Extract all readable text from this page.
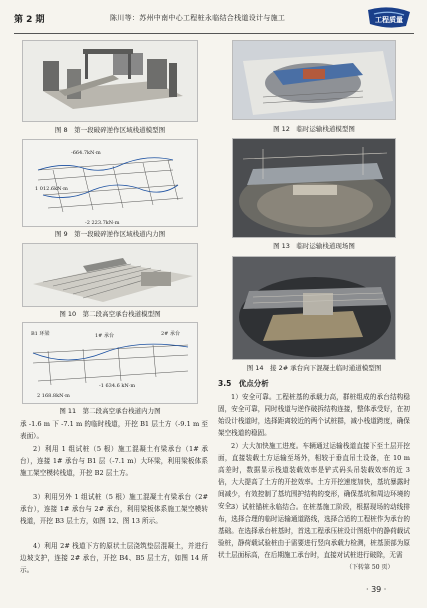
第 2 期	陈川等：苏州中南中心工程桩永临结合栈道设计与施工	工程质量
图 8　第一段破碎逆作区域栈道模型图
-664.7kN·m
1 012.6kN·m
-2 223.7kN·m
图 9　第一段破碎逆作区域栈道内力图
图 10　第二段高空承台栈道模型图
B1 环梁	1# 承台	2# 承台
2 168.8kN·m
-1 634.6 kN·m
图 11　第二段高空承台栈道内力图
承 -1.6 m 下 -7.1 m 的临时栈道，开挖 B1 层土方（-9.1 m 至表面）。
2）利用 1 组试桩（5 根）施工混凝土有梁承台（1# 承台），连接 1# 承台与 B1 层（-7.1 m）大环梁，利用梁板体系施工架空模转栈道，开挖 B2 层土方。
3）利用另外 1 组试桩（5 根）施工混凝土有梁承台（2# 承台），连接 1# 承台与 2# 承台，利用梁板体系施工架空模转栈道，开挖 B3 层土方，如图 12、图 13 所示。
4）利用 2# 栈道下方的原状土层浇筑垫层混凝土，并进行边坡支护，连接 2# 承台，开挖 B4、B5 层土方，如图 14 所示。
图 12　临时运输栈道模型图
图 13　临时运输栈道现场图
图 14　接 2# 承台向下混凝土临时通道模型图
3.5　优点分析
1）安全可靠。工程桩基的承载力高，群桩组成的承台结构稳固，安全可靠，同时栈道与逆作破拆结构连接，整体承受好，在初始设计栈道时，选择距离较近的两个试桩群，减小栈道跨度，确保架空栈道的稳固。
2）大大加快施工进度。车辆通过运输栈道直接下至土层开挖面，直接装载土方运输至场外，相较于垂直吊土设备，在 10 m 高差时，数据显示栈道装载效率是铲式码头吊装载效率的近 3 倍，大大提高了土方的开挖效率。土方开挖速度加快，基坑暴露时间减少，有效控制了基坑围护结构的变形，确保基坑和周边环境的安全。
3）试桩锚桩永临结合。在桩基施工阶段，根据现场的动线排布，选择合理的临时运输通道路线，选择合适的工程桩作为承台的基础。在选择承台桩基时，首选工程承压桩设计图纸中的静荷载试验桩，静荷载试验桩由于需要进行竖向承载力检测，桩基顶部为原状土层面标高，在后期施工承台时，直接对试桩进行破除，无需
（下转第 50 页）
· 39 ·
